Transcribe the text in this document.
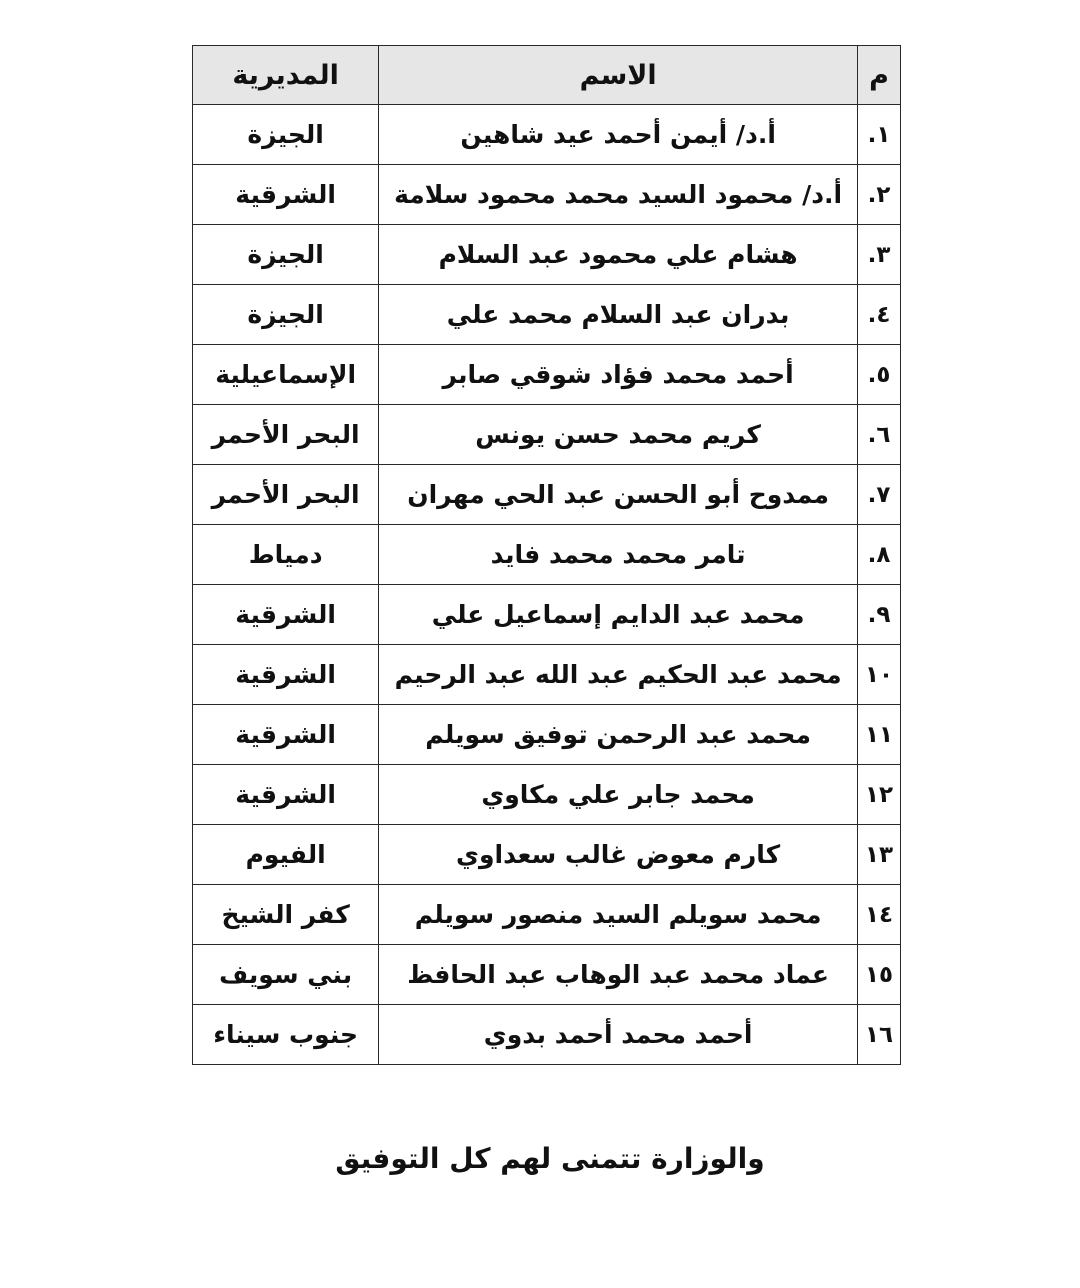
م	الاسم	المديرية
١.	أ.د/ أيمن أحمد عيد شاهين	الجيزة
٢.	أ.د/ محمود السيد محمد محمود سلامة	الشرقية
٣.	هشام علي محمود عبد السلام	الجيزة
٤.	بدران عبد السلام محمد علي	الجيزة
٥.	أحمد محمد فؤاد شوقي صابر	الإسماعيلية
٦.	كريم محمد حسن يونس	البحر الأحمر
٧.	ممدوح أبو الحسن عبد الحي مهران	البحر الأحمر
٨.	تامر محمد محمد فايد	دمياط
٩.	محمد عبد الدايم إسماعيل علي	الشرقية
١٠	محمد عبد الحكيم عبد الله عبد الرحيم	الشرقية
١١	محمد عبد الرحمن توفيق سويلم	الشرقية
١٢	محمد جابر علي مكاوي	الشرقية
١٣	كارم معوض غالب سعداوي	الفيوم
١٤	محمد سويلم السيد منصور سويلم	كفر الشيخ
١٥	عماد محمد عبد الوهاب عبد الحافظ	بني سويف
١٦	أحمد محمد أحمد بدوي	جنوب سيناء
والوزارة تتمنى لهم كل التوفيق
